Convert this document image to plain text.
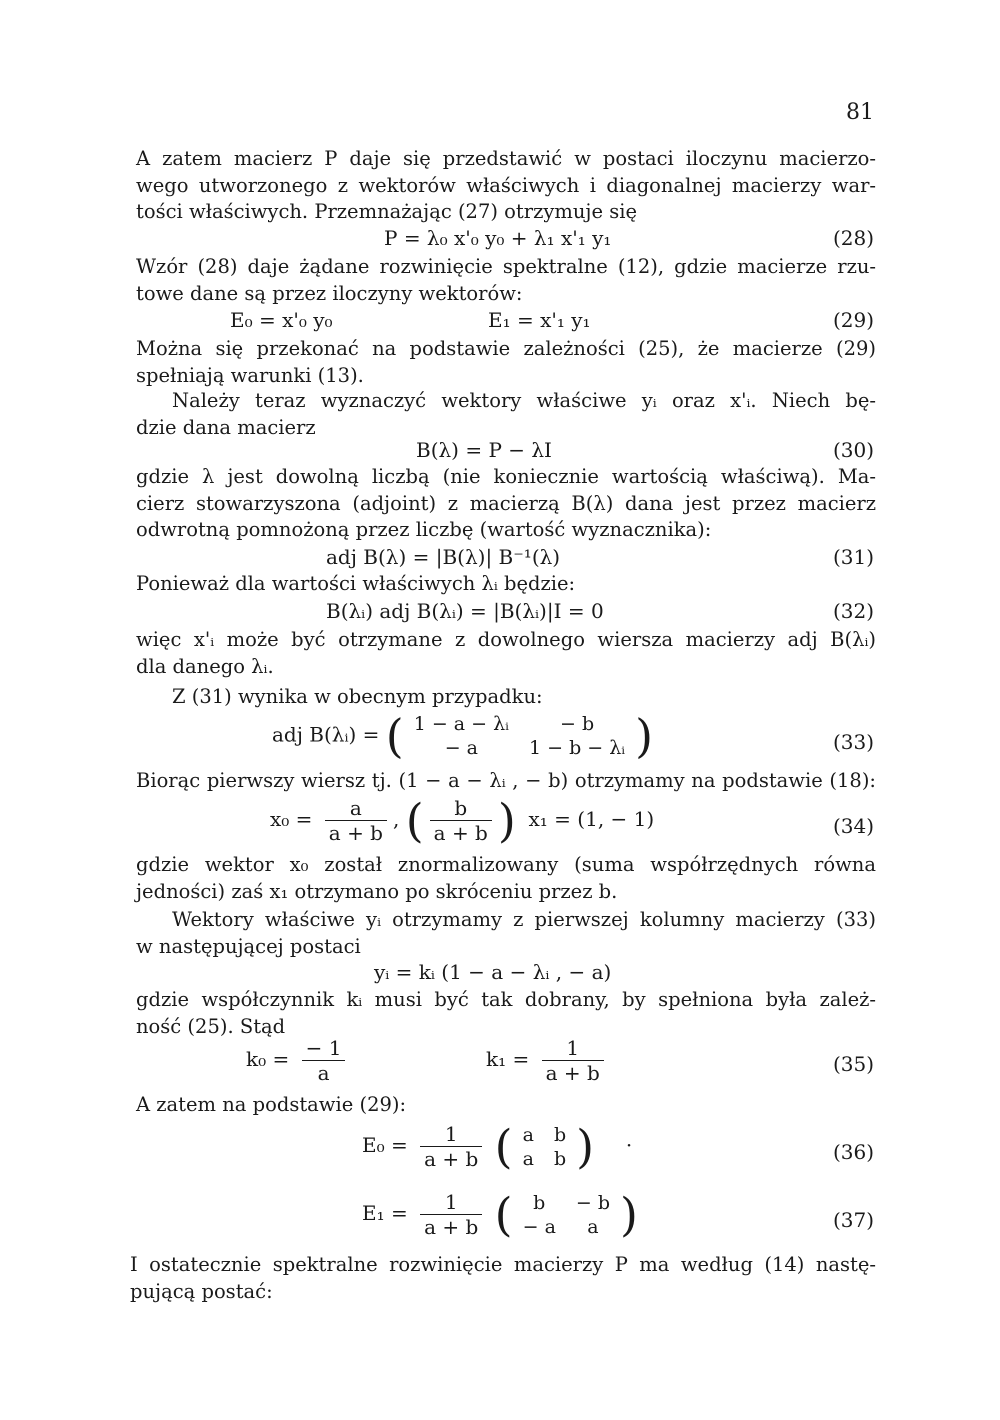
81
A zatem macierz P daje się przedstawić w postaci iloczynu macierzo-
wego utworzonego z wektorów właściwych i diagonalnej macierzy war-
tości właściwych. Przemnażając (27) otrzymuje się
P = λ₀ x'₀ y₀ + λ₁ x'₁ y₁	(28)
Wzór (28) daje żądane rozwinięcie spektralne (12), gdzie macierze rzu-
towe dane są przez iloczyny wektorów:
E₀ = x'₀ y₀	E₁ = x'₁ y₁	(29)
Można się przekonać na podstawie zależności (25), że macierze (29)
spełniają warunki (13).
Należy teraz wyznaczyć wektory właściwe yᵢ oraz x'ᵢ. Niech bę-
dzie dana macierz
B(λ) = P − λI	(30)
gdzie λ jest dowolną liczbą (nie koniecznie wartością właściwą). Ma-
cierz stowarzyszona (adjoint) z macierzą B(λ) dana jest przez macierz
odwrotną pomnożoną przez liczbę (wartość wyznacznika):
adj B(λ) = |B(λ)| B⁻¹(λ)	(31)
Ponieważ dla wartości właściwych λᵢ będzie:
B(λᵢ) adj B(λᵢ) = |B(λᵢ)|I = 0	(32)
więc x'ᵢ może być otrzymane z dowolnego wiersza macierzy adj B(λᵢ)
dla danego λᵢ.
Z (31) wynika w obecnym przypadku:
adj B(λᵢ) = ( 1 − a − λᵢ	− b
− a	1 − b − λᵢ )	(33)
Biorąc pierwszy wiersz tj. (1 − a − λᵢ , − b) otrzymamy na podstawie (18):
$x_0 = \frac{a}{a + b}$ , ( $\frac{b}{a + b}$ ) x₁ = (1, − 1)	(34)
gdzie wektor x₀ został znormalizowany (suma współrzędnych równa
jedności) zaś x₁ otrzymano po skróceniu przez b.
Wektory właściwe yᵢ otrzymamy z pierwszej kolumny macierzy (33)
w następującej postaci
yᵢ = kᵢ (1 − a − λᵢ , − a)
gdzie współczynnik kᵢ musi być tak dobrany, by spełniona była zależ-
ność (25). Stąd
$k_0 = \frac{- 1}{a}$	$k_1 = \frac{1}{a + b}$	(35)
A zatem na podstawie (29):
$E_0 = \frac{1}{a + b}$ ( a	b
a	b ) ·	(36)
$E_1 = \frac{1}{a + b}$ ( b	− b
− a	a )	(37)
I ostatecznie spektralne rozwinięcie macierzy P ma według (14) nastę-
pującą postać:
